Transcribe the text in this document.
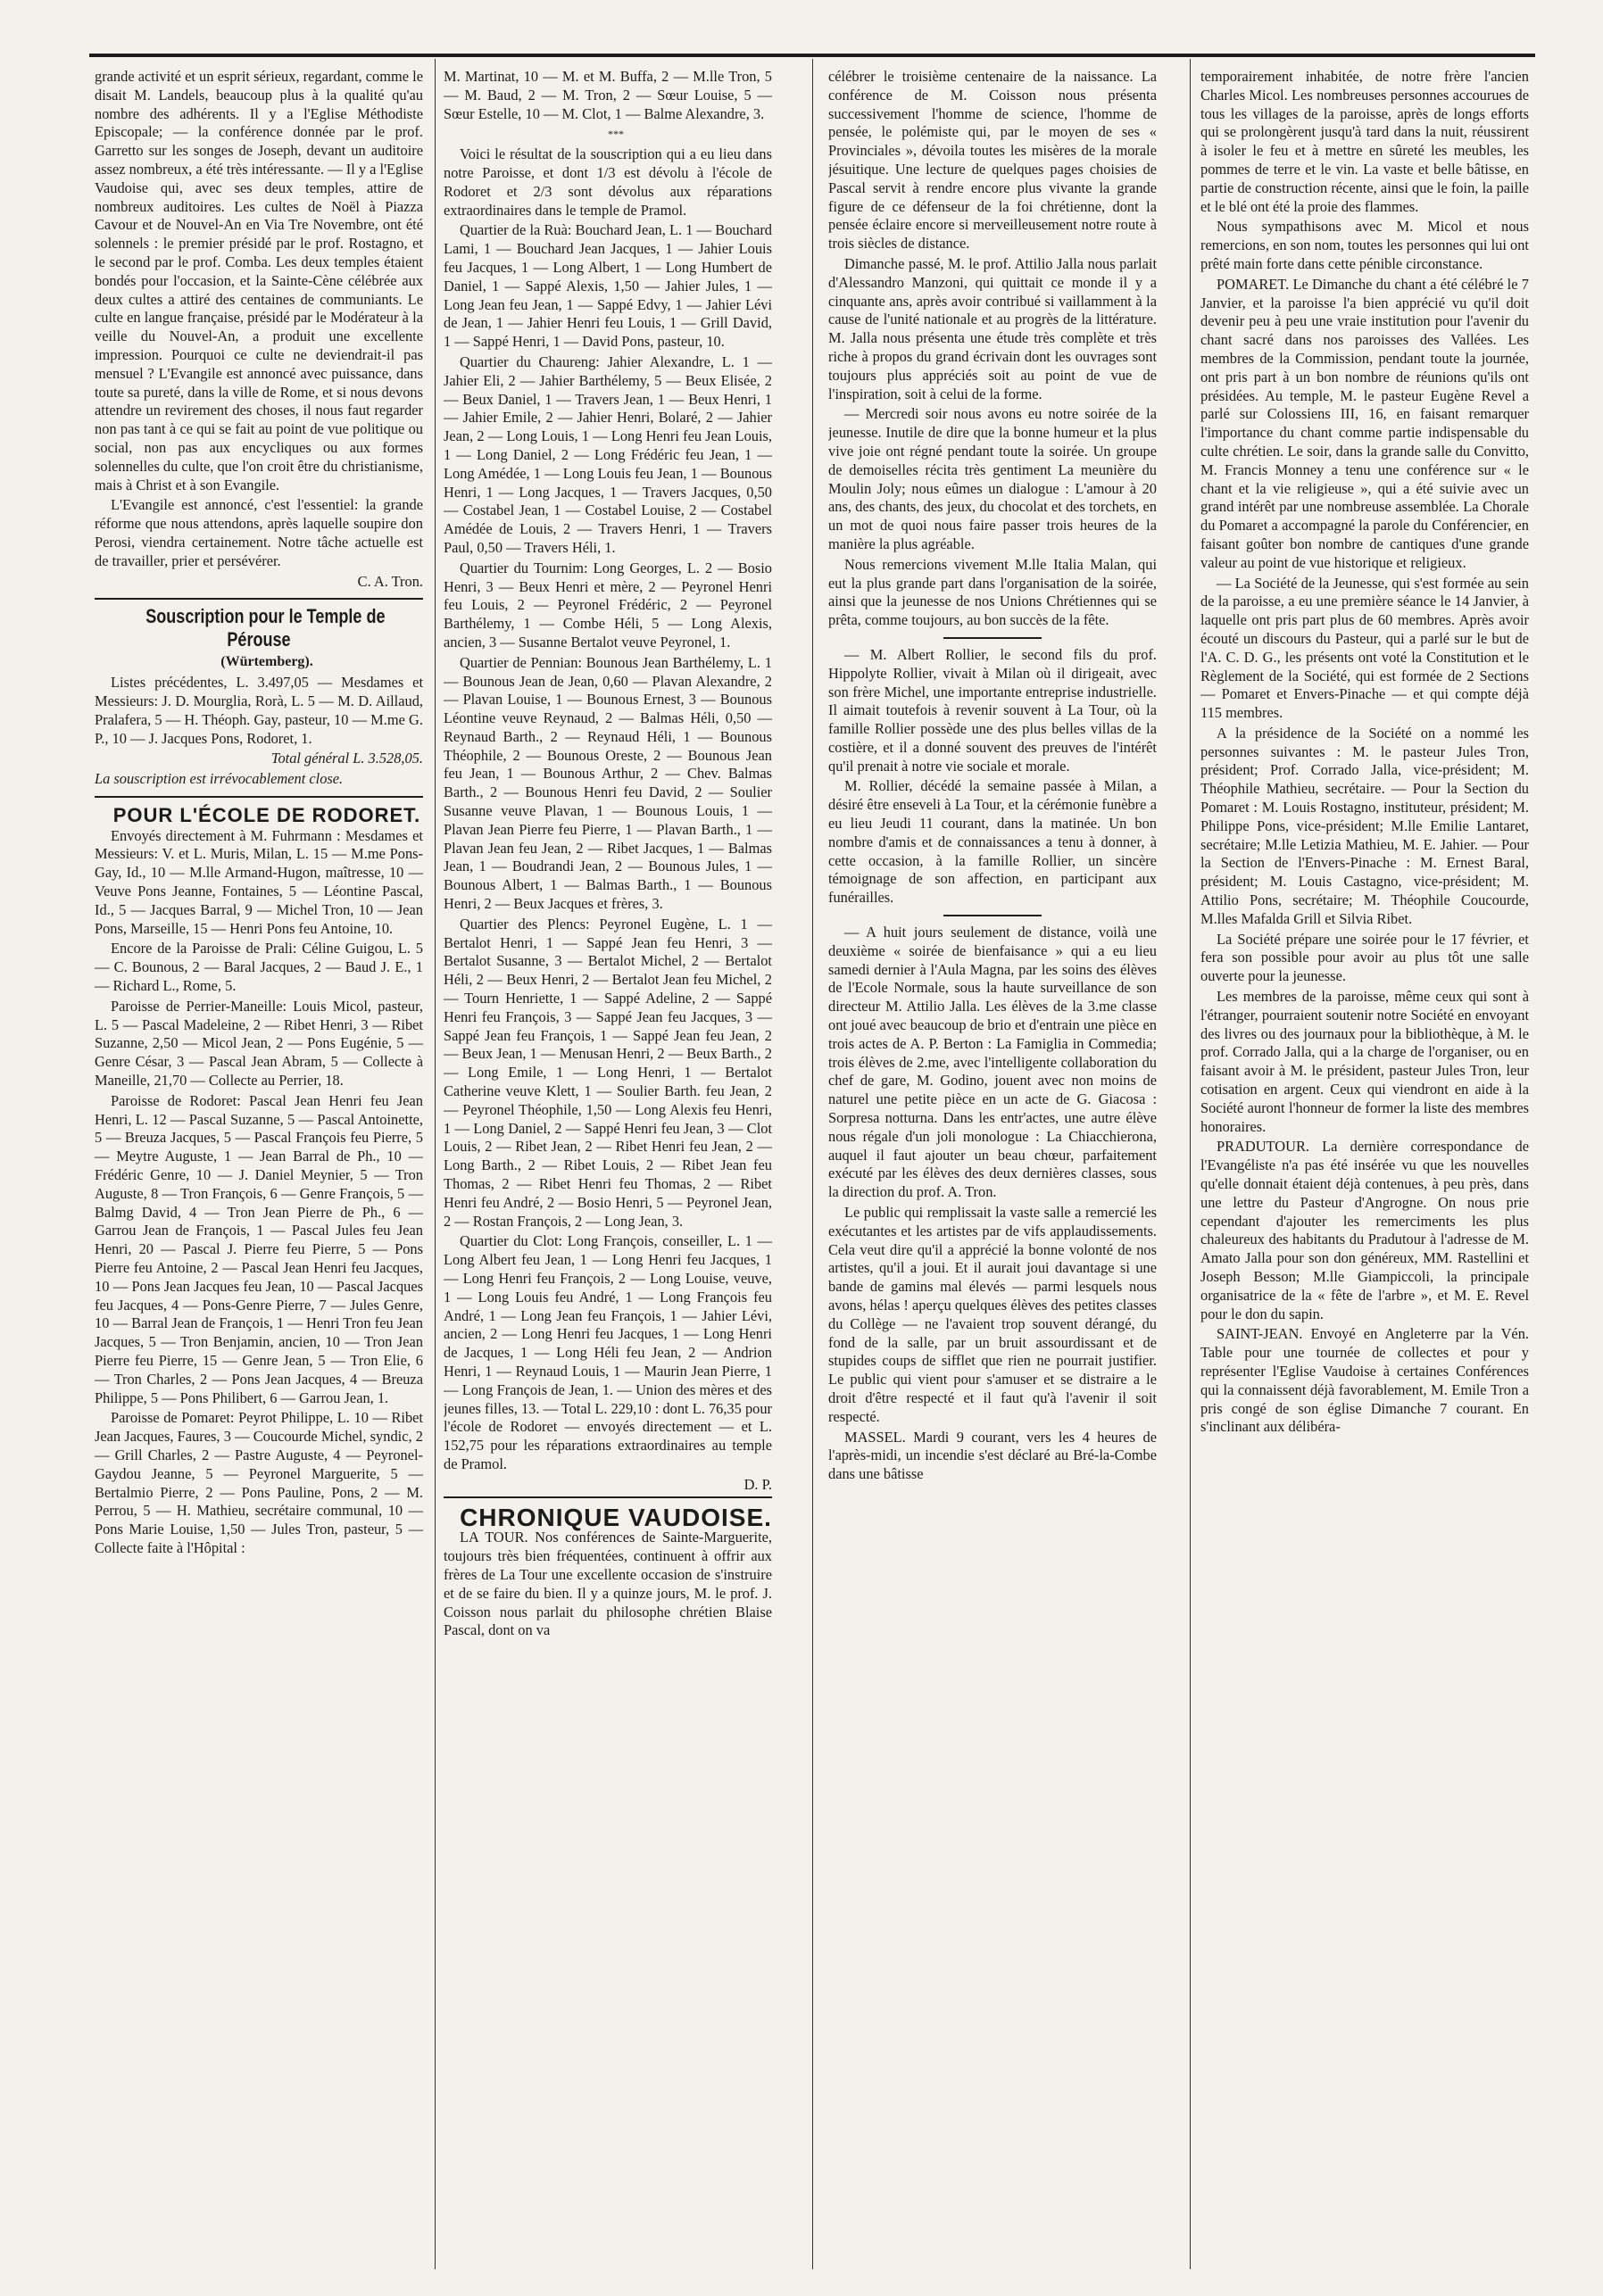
grande activité et un esprit sérieux, regardant, comme le disait M. Landels, beaucoup plus à la qualité qu'au nombre des adhérents. Il y a l'Eglise Méthodiste Episcopale; — la conférence donnée par le prof. Garretto sur les songes de Joseph, devant un auditoire assez nombreux, a été très intéressante. — Il y a l'Eglise Vaudoise qui, avec ses deux temples, attire de nombreux auditoires. Les cultes de Noël à Piazza Cavour et de Nouvel-An en Via Tre Novembre, ont été solennels : le premier présidé par le prof. Rostagno, et le second par le prof. Comba. Les deux temples étaient bondés pour l'occasion, et la Sainte-Cène célébrée aux deux cultes a attiré des centaines de communiants. Le culte en langue française, présidé par le Modérateur à la veille du Nouvel-An, a produit une excellente impression. Pourquoi ce culte ne deviendrait-il pas mensuel ? L'Evangile est annoncé avec puissance, dans toute sa pureté, dans la ville de Rome, et si nous devons attendre un revirement des choses, il nous faut regarder non pas tant à ce qui se fait au point de vue politique ou social, non pas aux encycliques ou aux formes solennelles du culte, que l'on croit être du christianisme, mais à Christ et à son Evangile.

L'Evangile est annoncé, c'est l'essentiel: la grande réforme que nous attendons, après laquelle soupire don Perosi, viendra certainement. Notre tâche actuelle est de travailler, prier et persévérer.

C. A. Tron.

Souscription pour le Temple de Pérouse

(Würtemberg).

Listes précédentes, L. 3.497,05 — Mesdames et Messieurs: J. D. Mourglia, Rorà, L. 5 — M. D. Aillaud, Pralafera, 5 — H. Théoph. Gay, pasteur, 10 — M.me G. P., 10 — J. Jacques Pons, Rodoret, 1.

Total général L. 3.528,05.

La souscription est irrévocablement close.

POUR L'ÉCOLE DE RODORET.

Envoyés directement à M. Fuhrmann : Mesdames et Messieurs: V. et L. Muris, Milan, L. 15 — M.me Pons-Gay, Id., 10 — M.lle Armand-Hugon, maîtresse, 10 — Veuve Pons Jeanne, Fontaines, 5 — Léontine Pascal, Id., 5 — Jacques Barral, 9 — Michel Tron, 10 — Jean Pons, Marseille, 15 — Henri Pons feu Antoine, 10.

Encore de la Paroisse de Prali: Céline Guigou, L. 5 — C. Bounous, 2 — Baral Jacques, 2 — Baud J. E., 1 — Richard L., Rome, 5.

Paroisse de Perrier-Maneille: Louis Micol, pasteur, L. 5 — Pascal Madeleine, 2 — Ribet Henri, 3 — Ribet Suzanne, 2,50 — Micol Jean, 2 — Pons Eugénie, 5 — Genre César, 3 — Pascal Jean Abram, 5 — Collecte à Maneille, 21,70 — Collecte au Perrier, 18.

Paroisse de Rodoret: Pascal Jean Henri feu Jean Henri, L. 12 — Pascal Suzanne, 5 — Pascal Antoinette, 5 — Breuza Jacques, 5 — Pascal François feu Pierre, 5 — Meytre Auguste, 1 — Jean Barral de Ph., 10 — Frédéric Genre, 10 — J. Daniel Meynier, 5 — Tron Auguste, 8 — Tron François, 6 — Genre François, 5 — Balmg David, 4 — Tron Jean Pierre de Ph., 6 — Garrou Jean de François, 1 — Pascal Jules feu Jean Henri, 20 — Pascal J. Pierre feu Pierre, 5 — Pons Pierre feu Antoine, 2 — Pascal Jean Henri feu Jacques, 10 — Pons Jean Jacques feu Jean, 10 — Pascal Jacques feu Jacques, 4 — Pons-Genre Pierre, 7 — Jules Genre, 10 — Barral Jean de François, 1 — Henri Tron feu Jean Jacques, 5 — Tron Benjamin, ancien, 10 — Tron Jean Pierre feu Pierre, 15 — Genre Jean, 5 — Tron Elie, 6 — Tron Charles, 2 — Pons Jean Jacques, 4 — Breuza Philippe, 5 — Pons Philibert, 6 — Garrou Jean, 1.

Paroisse de Pomaret: Peyrot Philippe, L. 10 — Ribet Jean Jacques, Faures, 3 — Coucourde Michel, syndic, 2 — Grill Charles, 2 — Pastre Auguste, 4 — Peyronel-Gaydou Jeanne, 5 — Peyronel Marguerite, 5 — Bertalmio Pierre, 2 — Pons Pauline, Pons, 2 — M. Perrou, 5 — H. Mathieu, secrétaire communal, 10 — Pons Marie Louise, 1,50 — Jules Tron, pasteur, 5 — Collecte faite à l'Hôpital :

M. Martinat, 10 — M. et M. Buffa, 2 — M.lle Tron, 5 — M. Baud, 2 — M. Tron, 2 — Sœur Louise, 5 — Sœur Estelle, 10 — M. Clot, 1 — Balme Alexandre, 3.

***

Voici le résultat de la souscription qui a eu lieu dans notre Paroisse, et dont 1/3 est dévolu à l'école de Rodoret et 2/3 sont dévolus aux réparations extraordinaires dans le temple de Pramol.

Quartier de la Ruà: Bouchard Jean, L. 1 — Bouchard Lami, 1 — Bouchard Jean Jacques, 1 — Jahier Louis feu Jacques, 1 — Long Albert, 1 — Long Humbert de Daniel, 1 — Sappé Alexis, 1,50 — Jahier Jules, 1 — Long Jean feu Jean, 1 — Sappé Edvy, 1 — Jahier Lévi de Jean, 1 — Jahier Henri feu Louis, 1 — Grill David, 1 — Sappé Henri, 1 — David Pons, pasteur, 10.

Quartier du Chaureng: Jahier Alexandre, L. 1 — Jahier Eli, 2 — Jahier Barthélemy, 5 — Beux Elisée, 2 — Beux Daniel, 1 — Travers Jean, 1 — Beux Henri, 1 — Jahier Emile, 2 — Jahier Henri, Bolaré, 2 — Jahier Jean, 2 — Long Louis, 1 — Long Henri feu Jean Louis, 1 — Long Daniel, 2 — Long Frédéric feu Jean, 1 — Long Amédée, 1 — Long Louis feu Jean, 1 — Bounous Henri, 1 — Long Jacques, 1 — Travers Jacques, 0,50 — Costabel Jean, 1 — Costabel Louise, 2 — Costabel Amédée de Louis, 2 — Travers Henri, 1 — Travers Paul, 0,50 — Travers Héli, 1.

Quartier du Tournim: Long Georges, L. 2 — Bosio Henri, 3 — Beux Henri et mère, 2 — Peyronel Henri feu Louis, 2 — Peyronel Frédéric, 2 — Peyronel Barthélemy, 1 — Combe Héli, 5 — Long Alexis, ancien, 3 — Susanne Bertalot veuve Peyronel, 1.

Quartier de Pennian: Bounous Jean Barthélemy, L. 1 — Bounous Jean de Jean, 0,60 — Plavan Alexandre, 2 — Plavan Louise, 1 — Bounous Ernest, 3 — Bounous Léontine veuve Reynaud, 2 — Balmas Héli, 0,50 — Reynaud Barth., 2 — Reynaud Héli, 1 — Bounous Théophile, 2 — Bounous Oreste, 2 — Bounous Jean feu Jean, 1 — Bounous Arthur, 2 — Chev. Balmas Barth., 2 — Bounous Henri feu David, 2 — Soulier Susanne veuve Plavan, 1 — Bounous Louis, 1 — Plavan Jean Pierre feu Pierre, 1 — Plavan Barth., 1 — Plavan Jean feu Jean, 2 — Ribet Jacques, 1 — Balmas Jean, 1 — Boudrandi Jean, 2 — Bounous Jules, 1 — Bounous Albert, 1 — Balmas Barth., 1 — Bounous Henri, 2 — Beux Jacques et frères, 3.

Quartier des Plencs: Peyronel Eugène, L. 1 — Bertalot Henri, 1 — Sappé Jean feu Henri, 3 — Bertalot Susanne, 3 — Bertalot Michel, 2 — Bertalot Héli, 2 — Beux Henri, 2 — Bertalot Jean feu Michel, 2 — Tourn Henriette, 1 — Sappé Adeline, 2 — Sappé Henri feu François, 3 — Sappé Jean feu Jacques, 3 — Sappé Jean feu François, 1 — Sappé Jean feu Jean, 2 — Beux Jean, 1 — Menusan Henri, 2 — Beux Barth., 2 — Long Emile, 1 — Long Henri, 1 — Bertalot Catherine veuve Klett, 1 — Soulier Barth. feu Jean, 2 — Peyronel Théophile, 1,50 — Long Alexis feu Henri, 1 — Long Daniel, 2 — Sappé Henri feu Jean, 3 — Clot Louis, 2 — Ribet Jean, 2 — Ribet Henri feu Jean, 2 — Long Barth., 2 — Ribet Louis, 2 — Ribet Jean feu Thomas, 2 — Ribet Henri feu Thomas, 2 — Ribet Henri feu André, 2 — Bosio Henri, 5 — Peyronel Jean, 2 — Rostan François, 2 — Long Jean, 3.

Quartier du Clot: Long François, conseiller, L. 1 — Long Albert feu Jean, 1 — Long Henri feu Jacques, 1 — Long Henri feu François, 2 — Long Louise, veuve, 1 — Long Louis feu André, 1 — Long François feu André, 1 — Long Jean feu François, 1 — Jahier Lévi, ancien, 2 — Long Henri feu Jacques, 1 — Long Henri de Jacques, 1 — Long Héli feu Jean, 2 — Andrion Henri, 1 — Reynaud Louis, 1 — Maurin Jean Pierre, 1 — Long François de Jean, 1. — Union des mères et des jeunes filles, 13. — Total L. 229,10 : dont L. 76,35 pour l'école de Rodoret — envoyés directement — et L. 152,75 pour les réparations extraordinaires au temple de Pramol.

D. P.

CHRONIQUE VAUDOISE.

LA TOUR. Nos conférences de Sainte-Marguerite, toujours très bien fréquentées, continuent à offrir aux frères de La Tour une excellente occasion de s'instruire et de se faire du bien. Il y a quinze jours, M. le prof. J. Coisson nous parlait du philosophe chrétien Blaise Pascal, dont on va

célébrer le troisième centenaire de la naissance. La conférence de M. Coisson nous présenta successivement l'homme de science, l'homme de pensée, le polémiste qui, par le moyen de ses « Provinciales », dévoila toutes les misères de la morale jésuitique. Une lecture de quelques pages choisies de Pascal servit à rendre encore plus vivante la grande figure de ce défenseur de la foi chrétienne, dont la pensée éclaire encore si merveilleusement notre route à trois siècles de distance.

Dimanche passé, M. le prof. Attilio Jalla nous parlait d'Alessandro Manzoni, qui quittait ce monde il y a cinquante ans, après avoir contribué si vaillamment à la cause de l'unité nationale et au progrès de la littérature. M. Jalla nous présenta une étude très complète et très riche à propos du grand écrivain dont les ouvrages sont toujours plus appréciés soit au point de vue de l'inspiration, soit à celui de la forme.

— Mercredi soir nous avons eu notre soirée de la jeunesse. Inutile de dire que la bonne humeur et la plus vive joie ont régné pendant toute la soirée. Un groupe de demoiselles récita très gentiment La meunière du Moulin Joly; nous eûmes un dialogue : L'amour à 20 ans, des chants, des jeux, du chocolat et des torchets, en un mot de quoi nous faire passer trois heures de la manière la plus agréable.

Nous remercions vivement M.lle Italia Malan, qui eut la plus grande part dans l'organisation de la soirée, ainsi que la jeunesse de nos Unions Chrétiennes qui se prêta, comme toujours, au bon succès de la fête.

— M. Albert Rollier, le second fils du prof. Hippolyte Rollier, vivait à Milan où il dirigeait, avec son frère Michel, une importante entreprise industrielle. Il aimait toutefois à revenir souvent à La Tour, où la famille Rollier possède une des plus belles villas de la costière, et il a donné souvent des preuves de l'intérêt qu'il prenait à notre vie sociale et morale.

M. Rollier, décédé la semaine passée à Milan, a désiré être enseveli à La Tour, et la cérémonie funèbre a eu lieu Jeudi 11 courant, dans la matinée. Un bon nombre d'amis et de connaissances a tenu à donner, à cette occasion, à la famille Rollier, un sincère témoignage de son affection, en participant aux funérailles.

— A huit jours seulement de distance, voilà une deuxième « soirée de bienfaisance » qui a eu lieu samedi dernier à l'Aula Magna, par les soins des élèves de l'Ecole Normale, sous la haute surveillance de son directeur M. Attilio Jalla. Les élèves de la 3.me classe ont joué avec beaucoup de brio et d'entrain une pièce en trois actes de A. P. Berton : La Famiglia in Commedia; trois élèves de 2.me, avec l'intelligente collaboration du chef de gare, M. Godino, jouent avec non moins de naturel une petite pièce en un acte de G. Giacosa : Sorpresa notturna. Dans les entr'actes, une autre élève nous régale d'un joli monologue : La Chiacchierona, auquel il faut ajouter un beau chœur, parfaitement exécuté par les élèves des deux dernières classes, sous la direction du prof. A. Tron.

Le public qui remplissait la vaste salle a remercié les exécutantes et les artistes par de vifs applaudissements. Cela veut dire qu'il a apprécié la bonne volonté de nos artistes, qu'il a joui. Et il aurait joui davantage si une bande de gamins mal élevés — parmi lesquels nous avons, hélas ! aperçu quelques élèves des petites classes du Collège — ne l'avaient trop souvent dérangé, du fond de la salle, par un bruit assourdissant et de stupides coups de sifflet que rien ne pourrait justifier. Le public qui vient pour s'amuser et se distraire a le droit d'être respecté et il faut qu'à l'avenir il soit respecté.

MASSEL. Mardi 9 courant, vers les 4 heures de l'après-midi, un incendie s'est déclaré au Bré-la-Combe dans une bâtisse

temporairement inhabitée, de notre frère l'ancien Charles Micol. Les nombreuses personnes accourues de tous les villages de la paroisse, après de longs efforts qui se prolongèrent jusqu'à tard dans la nuit, réussirent à isoler le feu et à mettre en sûreté les meubles, les pommes de terre et le vin. La vaste et belle bâtisse, en partie de construction récente, ainsi que le foin, la paille et le blé ont été la proie des flammes.

Nous sympathisons avec M. Micol et nous remercions, en son nom, toutes les personnes qui lui ont prêté main forte dans cette pénible circonstance.

POMARET. Le Dimanche du chant a été célébré le 7 Janvier, et la paroisse l'a bien apprécié vu qu'il doit devenir peu à peu une vraie institution pour l'avenir du chant sacré dans nos paroisses des Vallées. Les membres de la Commission, pendant toute la journée, ont pris part à un bon nombre de réunions qu'ils ont présidées. Au temple, M. le pasteur Eugène Revel a parlé sur Colossiens III, 16, en faisant remarquer l'importance du chant comme partie indispensable du culte chrétien. Le soir, dans la grande salle du Convitto, M. Francis Monney a tenu une conférence sur « le chant et la vie religieuse », qui a été suivie avec un grand intérêt par une nombreuse assemblée. La Chorale du Pomaret a accompagné la parole du Conférencier, en faisant goûter bon nombre de cantiques d'une grande valeur au point de vue historique et religieux.

— La Société de la Jeunesse, qui s'est formée au sein de la paroisse, a eu une première séance le 14 Janvier, à laquelle ont pris part plus de 60 membres. Après avoir écouté un discours du Pasteur, qui a parlé sur le but de l'A. C. D. G., les présents ont voté la Constitution et le Règlement de la Société, qui est formée de 2 Sections — Pomaret et Envers-Pinache — et qui compte déjà 115 membres.

A la présidence de la Société on a nommé les personnes suivantes : M. le pasteur Jules Tron, président; Prof. Corrado Jalla, vice-président; M. Théophile Mathieu, secrétaire. — Pour la Section du Pomaret : M. Louis Rostagno, instituteur, président; M. Philippe Pons, vice-président; M.lle Emilie Lantaret, secrétaire; M.lle Letizia Mathieu, M. E. Jahier. — Pour la Section de l'Envers-Pinache : M. Ernest Baral, président; M. Louis Castagno, vice-président; M. Attilio Pons, secrétaire; M. Théophile Coucourde, M.lles Mafalda Grill et Silvia Ribet.

La Société prépare une soirée pour le 17 février, et fera son possible pour avoir au plus tôt une salle ouverte pour la jeunesse.

Les membres de la paroisse, même ceux qui sont à l'étranger, pourraient soutenir notre Société en envoyant des livres ou des journaux pour la bibliothèque, à M. le prof. Corrado Jalla, qui a la charge de l'organiser, ou en faisant avoir à M. le président, pasteur Jules Tron, leur cotisation en argent. Ceux qui viendront en aide à la Société auront l'honneur de former la liste des membres honoraires.

PRADUTOUR. La dernière correspondance de l'Evangéliste n'a pas été insérée vu que les nouvelles qu'elle donnait étaient déjà contenues, à peu près, dans une lettre du Pasteur d'Angrogne. On nous prie cependant d'ajouter les remerciments les plus chaleureux des habitants du Pradutour à l'adresse de M. Amato Jalla pour son don généreux, MM. Rastellini et Joseph Besson; M.lle Giampiccoli, la principale organisatrice de la « fête de l'arbre », et M. E. Revel pour le don du sapin.

SAINT-JEAN. Envoyé en Angleterre par la Vén. Table pour une tournée de collectes et pour y représenter l'Eglise Vaudoise à certaines Conférences qui la connaissent déjà favorablement, M. Emile Tron a pris congé de son église Dimanche 7 courant. En s'inclinant aux délibéra-
